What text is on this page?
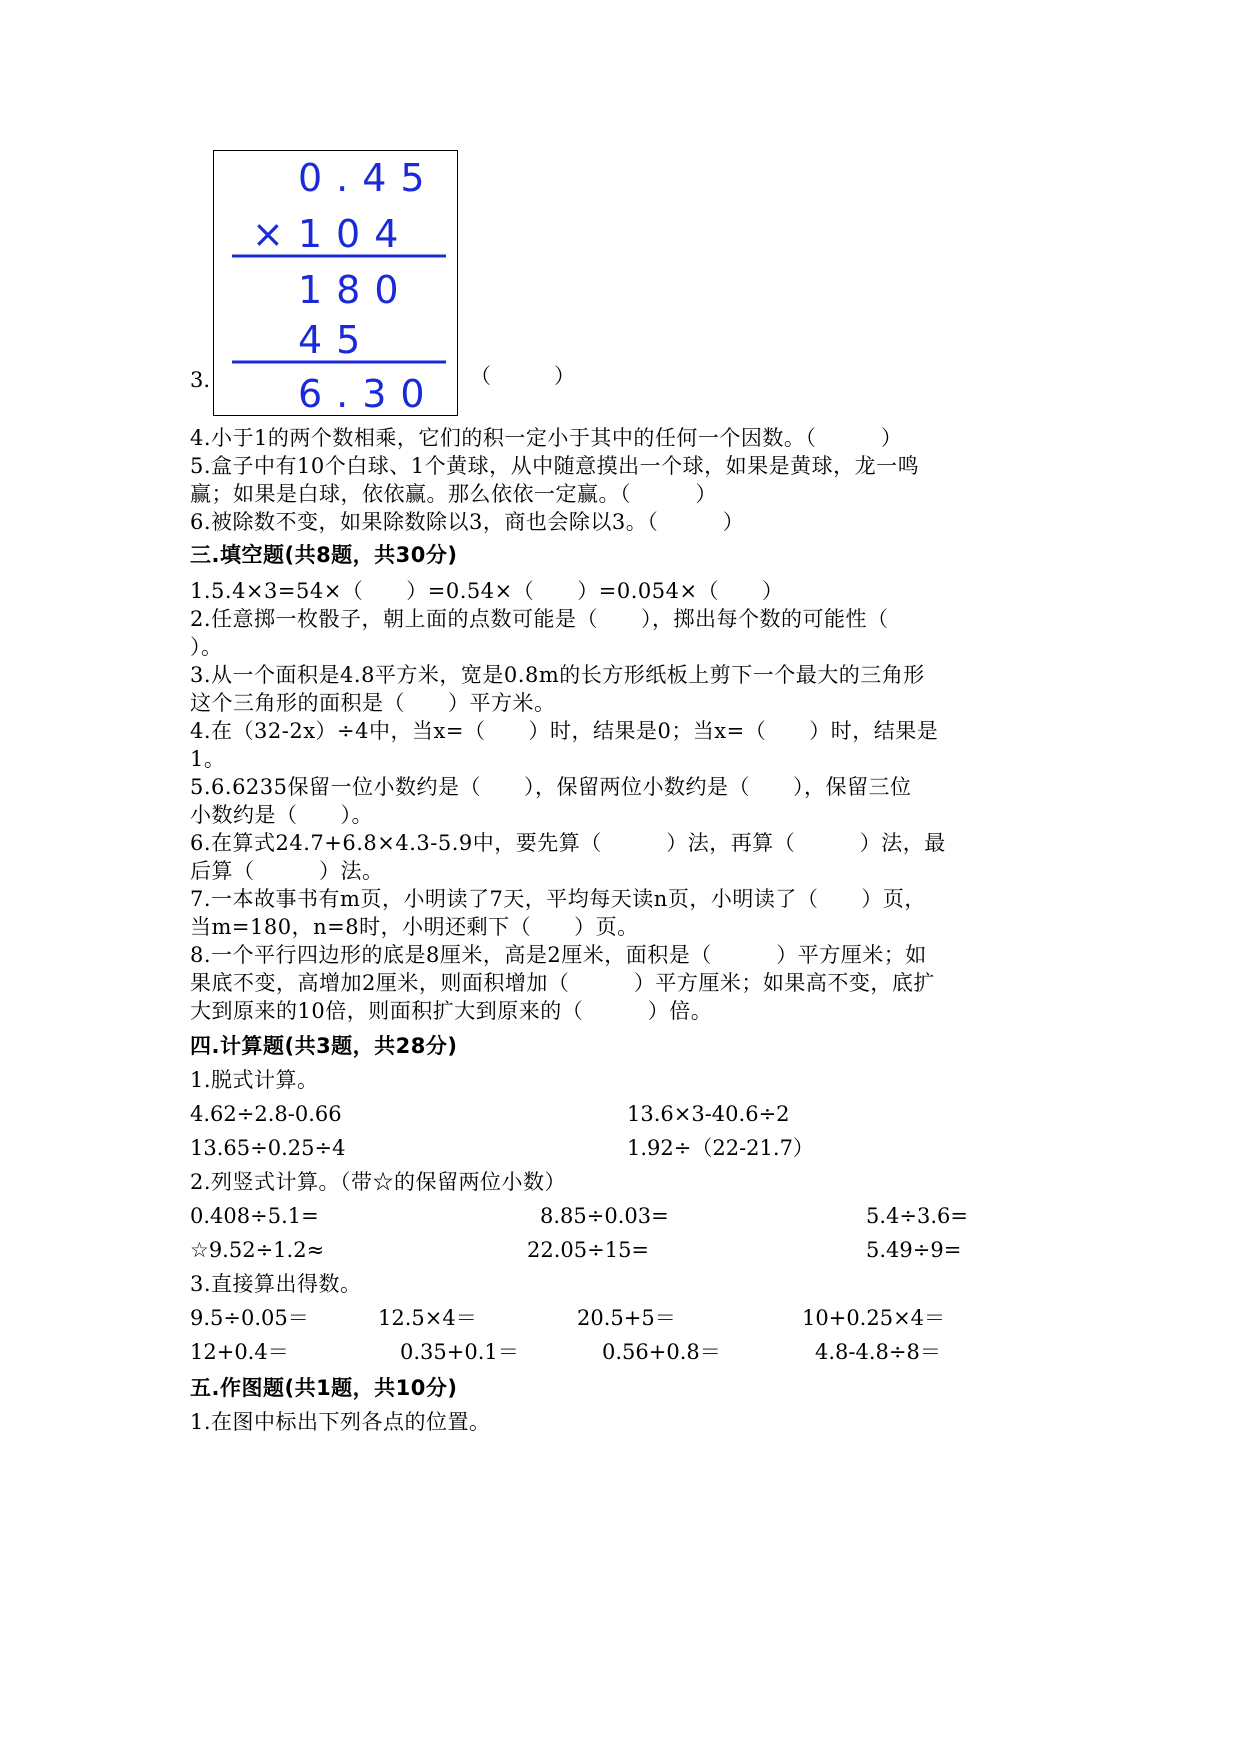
3.
0.45
×104
180
45
6.30 （　　　）
4.小于1的两个数相乘，它们的积一定小于其中的任何一个因数。（　　　）
5.盒子中有10个白球、1个黄球，从中随意摸出一个球，如果是黄球，龙一鸣
赢；如果是白球，依依赢。那么依依一定赢。（　　　）
6.被除数不变，如果除数除以3，商也会除以3。（　　　）
三.填空题(共8题，共30分)
1.5.4×3=54×（　　）=0.54×（　　）=0.054×（　　）
2.任意掷一枚骰子，朝上面的点数可能是（　　），掷出每个数的可能性（
）。
3.从一个面积是4.8平方米，宽是0.8m的长方形纸板上剪下一个最大的三角形
这个三角形的面积是（　　）平方米。
4.在（32-2x）÷4中，当x=（　　）时，结果是0；当x=（　　）时，结果是
1。
5.6.6235保留一位小数约是（　　），保留两位小数约是（　　），保留三位
小数约是（　　）。
6.在算式24.7+6.8×4.3-5.9中，要先算（　　　）法，再算（　　　）法，最
后算（　　　）法。
7.一本故事书有m页，小明读了7天，平均每天读n页，小明读了（　　）页，
当m=180，n=8时，小明还剩下（　　）页。
8.一个平行四边形的底是8厘米，高是2厘米，面积是（　　　）平方厘米；如
果底不变，高增加2厘米，则面积增加（　　　）平方厘米；如果高不变，底扩
大到原来的10倍，则面积扩大到原来的（　　　）倍。
四.计算题(共3题，共28分)
1.脱式计算。
4.62÷2.8-0.66	13.6×3-40.6÷2
13.65÷0.25÷4	1.92÷（22-21.7）
2.列竖式计算。（带☆的保留两位小数）
0.408÷5.1=	8.85÷0.03=	5.4÷3.6=
☆9.52÷1.2≈	22.05÷15=	5.49÷9=
3.直接算出得数。
9.5÷0.05＝	12.5×4＝	20.5+5＝	10+0.25×4＝
12+0.4＝	0.35+0.1＝	0.56+0.8＝	4.8-4.8÷8＝
五.作图题(共1题，共10分)
1.在图中标出下列各点的位置。
